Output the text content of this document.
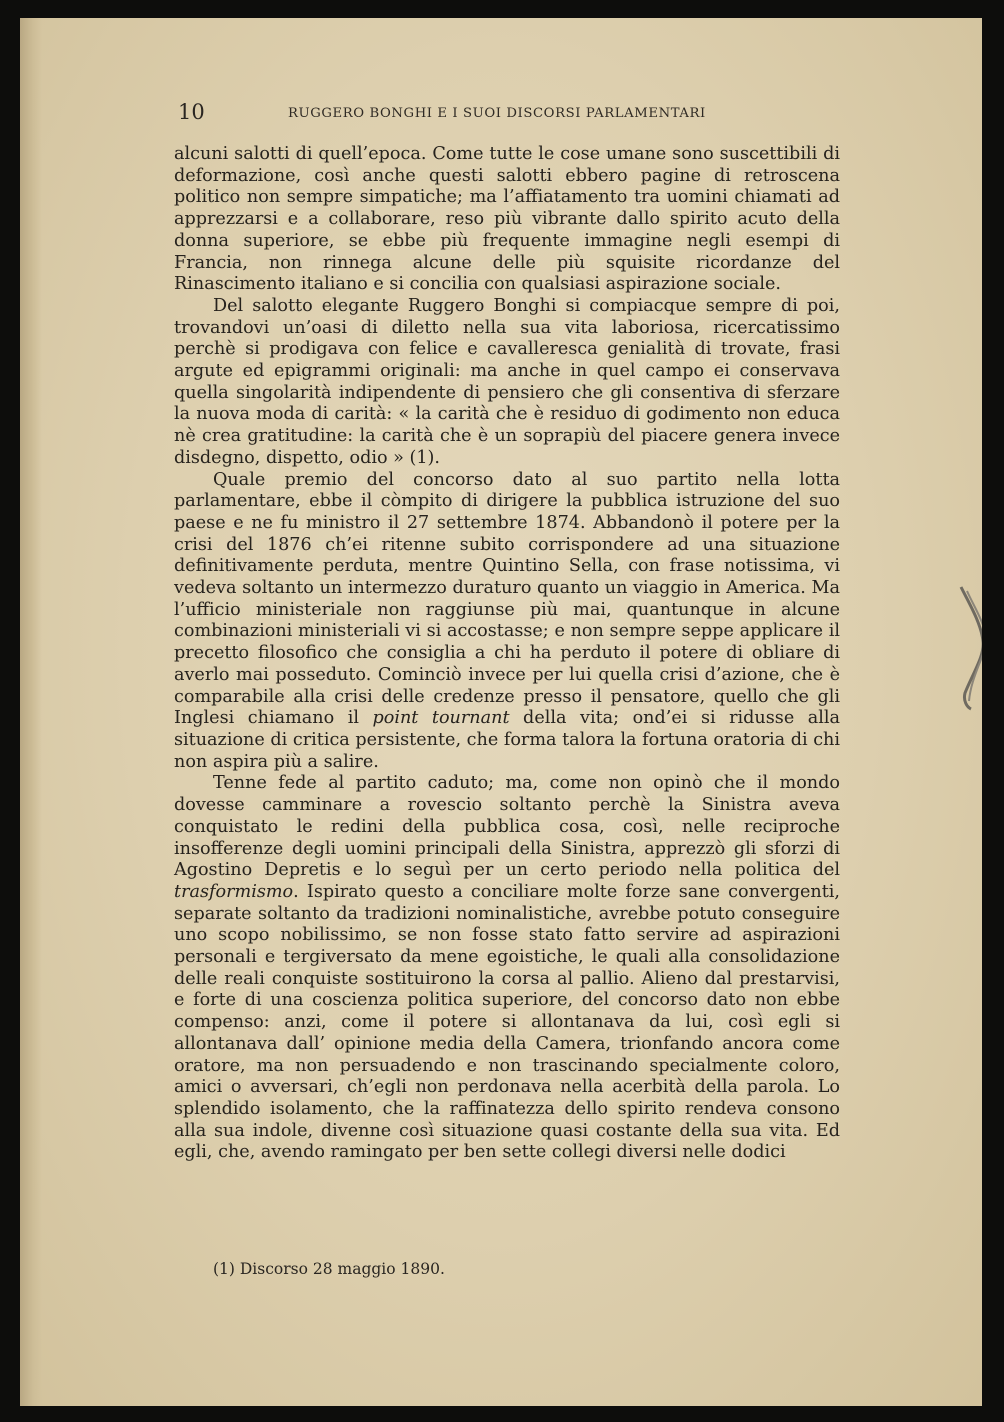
10	RUGGERO BONGHI E I SUOI DISCORSI PARLAMENTARI

alcuni salotti di quell’epoca. Come tutte le cose umane sono suscettibili di deformazione, così anche questi salotti ebbero pagine di retroscena politico non sempre simpatiche; ma l’affiatamento tra uomini chiamati ad apprezzarsi e a collaborare, reso più vibrante dallo spirito acuto della donna superiore, se ebbe più frequente immagine negli esempi di Francia, non rinnega alcune delle più squisite ricordanze del Rinascimento italiano e si concilia con qualsiasi aspirazione sociale.

Del salotto elegante Ruggero Bonghi si compiacque sempre di poi, trovandovi un’oasi di diletto nella sua vita laboriosa, ricercatissimo perchè si prodigava con felice e cavalleresca genialità di trovate, frasi argute ed epigrammi originali: ma anche in quel campo ei conservava quella singolarità indipendente di pensiero che gli consentiva di sferzare la nuova moda di carità: « la carità che è residuo di godimento non educa nè crea gratitudine: la carità che è un soprapiù del piacere genera invece disdegno, dispetto, odio » (1).

Quale premio del concorso dato al suo partito nella lotta parlamentare, ebbe il còmpito di dirigere la pubblica istruzione del suo paese e ne fu ministro il 27 settembre 1874. Abbandonò il potere per la crisi del 1876 ch’ei ritenne subito corrispondere ad una situazione definitivamente perduta, mentre Quintino Sella, con frase notissima, vi vedeva soltanto un intermezzo duraturo quanto un viaggio in America. Ma l’ufficio ministeriale non raggiunse più mai, quantunque in alcune combinazioni ministeriali vi si accostasse; e non sempre seppe applicare il precetto filosofico che consiglia a chi ha perduto il potere di obliare di averlo mai posseduto. Cominciò invece per lui quella crisi d’azione, che è comparabile alla crisi delle credenze presso il pensatore, quello che gli Inglesi chiamano il point tournant della vita; ond’ei si ridusse alla situazione di critica persistente, che forma talora la fortuna oratoria di chi non aspira più a salire.

Tenne fede al partito caduto; ma, come non opinò che il mondo dovesse camminare a rovescio soltanto perchè la Sinistra aveva conquistato le redini della pubblica cosa, così, nelle reciproche insofferenze degli uomini principali della Sinistra, apprezzò gli sforzi di Agostino Depretis e lo seguì per un certo periodo nella politica del trasformismo. Ispirato questo a conciliare molte forze sane convergenti, separate soltanto da tradizioni nominalistiche, avrebbe potuto conseguire uno scopo nobilissimo, se non fosse stato fatto servire ad aspirazioni personali e tergiversato da mene egoistiche, le quali alla consolidazione delle reali conquiste sostituirono la corsa al pallio. Alieno dal prestarvisi, e forte di una coscienza politica superiore, del concorso dato non ebbe compenso: anzi, come il potere si allontanava da lui, così egli si allontanava dall’ opinione media della Camera, trionfando ancora come oratore, ma non persuadendo e non trascinando specialmente coloro, amici o avversari, ch’egli non perdonava nella acerbità della parola. Lo splendido isolamento, che la raffinatezza dello spirito rendeva consono alla sua indole, divenne così situazione quasi costante della sua vita. Ed egli, che, avendo ramingato per ben sette collegi diversi nelle dodici

(1) Discorso 28 maggio 1890.
